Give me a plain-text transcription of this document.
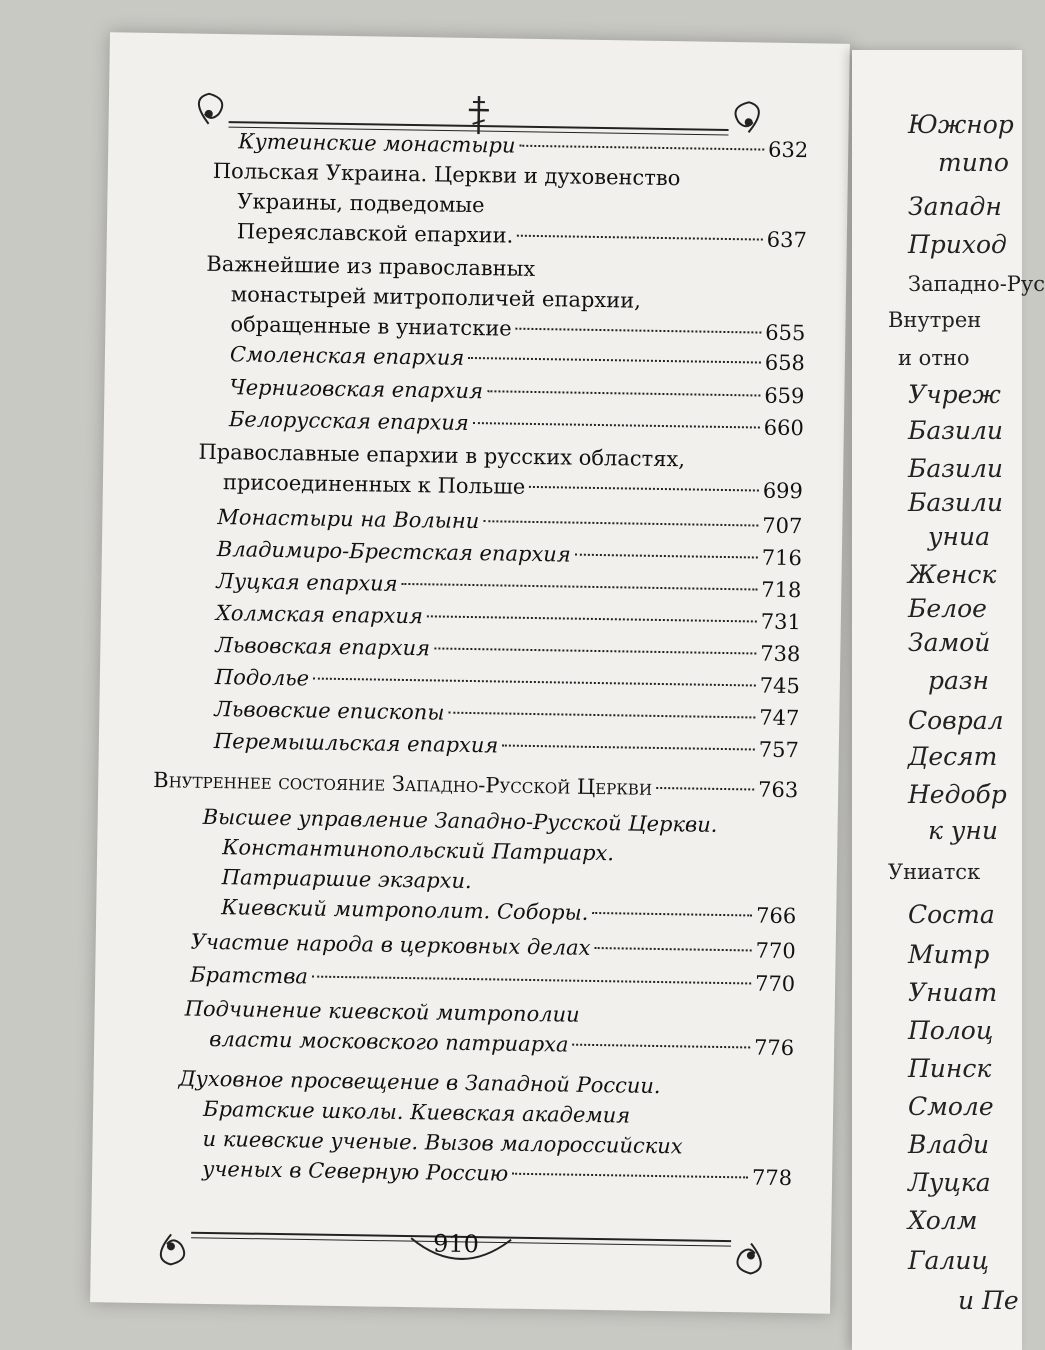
Кутеинские монастыри	632
Польская Украина. Церкви и духовенство
Украины, подведомые
Переяславской епархии.	637
Важнейшие из православных
монастырей митрополичей епархии,
обращенные в униатские	655
Смоленская епархия	658
Черниговская епархия	659
Белорусская епархия	660
Православные епархии в русских областях,
присоединенных к Польше	699
Монастыри на Волыни	707
Владимиро-Брестская епархия	716
Луцкая епархия	718
Холмская епархия	731
Львовская епархия	738
Подолье	745
Львовские епископы	747
Перемышльская епархия	757
Внутреннее состояние Западно-Русской Церкви	763
Высшее управление Западно-Русской Церкви.
Константинопольский Патриарх.
Патриаршие экзархи.
Киевский митрополит. Соборы.	766
Участие народа в церковных делах	770
Братства	770
Подчинение киевской митрополии
власти московского патриарха	776
Духовное просвещение в Западной России.
Братские школы. Киевская академия
и киевские ученые. Вызов малороссийских
ученых в Северную Россию	778
910
Южнор
типо
Западн
Приход
Западно-Рус
Внутрен
и отно
Учреж
Базили
Базили
Базили
униа
Женск
Белое
Замой
разн
Соврал
Десят
Недобр
к уни
Униатск
Соста
Митр
Униат
Полоц
Пинск
Смоле
Влади
Луцка
Холм
Галиц
и Пе
